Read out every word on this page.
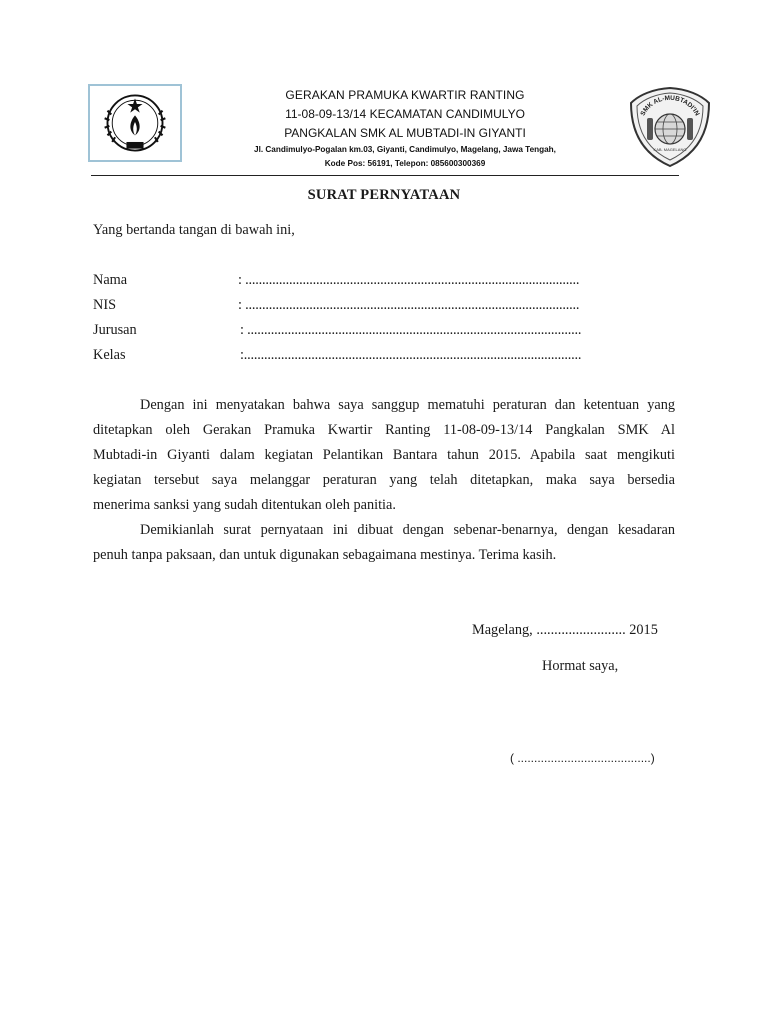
GERAKAN PRAMUKA KWARTIR RANTING
11-08-09-13/14 KECAMATAN CANDIMULYO
PANGKALAN SMK AL MUBTADI-IN GIYANTI
Jl. Candimulyo-Pogalan km.03, Giyanti, Candimulyo, Magelang, Jawa Tengah,
Kode Pos: 56191, Telepon: 085600300369
SMK AL-MUBTADI'IN
KAB. MAGELANG
SURAT PERNYATAAN
Yang bertanda tangan di bawah ini,
Nama	: ...................................................................................................
NIS	: ...................................................................................................
Jurusan	: ...................................................................................................
Kelas	:....................................................................................................
Dengan ini menyatakan bahwa saya sanggup mematuhi peraturan dan ketentuan yang
ditetapkan oleh Gerakan Pramuka Kwartir Ranting 11-08-09-13/14 Pangkalan SMK Al
Mubtadi-in Giyanti dalam kegiatan Pelantikan Bantara tahun 2015. Apabila saat mengikuti
kegiatan tersebut saya melanggar peraturan yang telah ditetapkan, maka saya bersedia
menerima sanksi yang sudah ditentukan oleh panitia.
Demikianlah surat pernyataan ini dibuat dengan sebenar-benarnya, dengan kesadaran
penuh tanpa paksaan, dan untuk digunakan sebagaimana mestinya. Terima kasih.
Magelang, ......................... 2015
Hormat saya,
( ........................................)
